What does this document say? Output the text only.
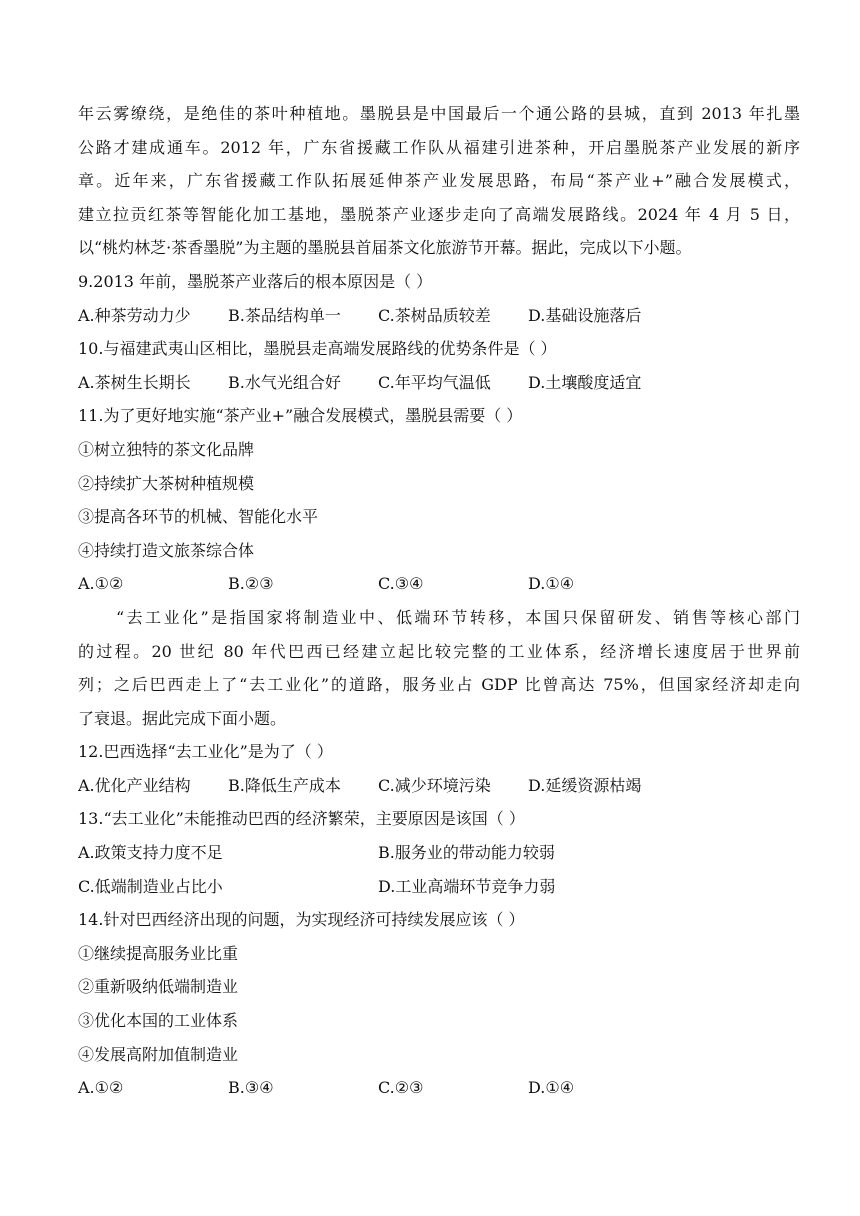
年云雾缭绕，是绝佳的茶叶种植地。墨脱县是中国最后一个通公路的县城，直到 2013 年扎墨
公路才建成通车。2012 年，广东省援藏工作队从福建引进茶种，开启墨脱茶产业发展的新序
章。近年来，广东省援藏工作队拓展延伸茶产业发展思路，布局“茶产业+”融合发展模式，
建立拉贡红茶等智能化加工基地，墨脱茶产业逐步走向了高端发展路线。2024 年 4 月 5 日，
以“桃灼林芝·茶香墨脱”为主题的墨脱县首届茶文化旅游节开幕。据此，完成以下小题。
9.2013 年前，墨脱茶产业落后的根本原因是（ ）
A.种茶劳动力少	B.茶品结构单一	C.茶树品质较差	D.基础设施落后
10.与福建武夷山区相比，墨脱县走高端发展路线的优势条件是（ ）
A.茶树生长期长	B.水气光组合好	C.年平均气温低	D.土壤酸度适宜
11.为了更好地实施“茶产业+”融合发展模式，墨脱县需要（ ）
①树立独特的茶文化品牌
②持续扩大茶树种植规模
③提高各环节的机械、智能化水平
④持续打造文旅茶综合体
A.①②	B.②③	C.③④	D.①④
“去工业化”是指国家将制造业中、低端环节转移，本国只保留研发、销售等核心部门
的过程。20 世纪 80 年代巴西已经建立起比较完整的工业体系，经济增长速度居于世界前
列；之后巴西走上了“去工业化”的道路，服务业占 GDP 比曾高达 75%，但国家经济却走向
了衰退。据此完成下面小题。
12.巴西选择“去工业化”是为了（ ）
A.优化产业结构	B.降低生产成本	C.减少环境污染	D.延缓资源枯竭
13.“去工业化”未能推动巴西的经济繁荣，主要原因是该国（ ）
A.政策支持力度不足	B.服务业的带动能力较弱
C.低端制造业占比小	D.工业高端环节竞争力弱
14.针对巴西经济出现的问题，为实现经济可持续发展应该（ ）
①继续提高服务业比重
②重新吸纳低端制造业
③优化本国的工业体系
④发展高附加值制造业
A.①②	B.③④	C.②③	D.①④
